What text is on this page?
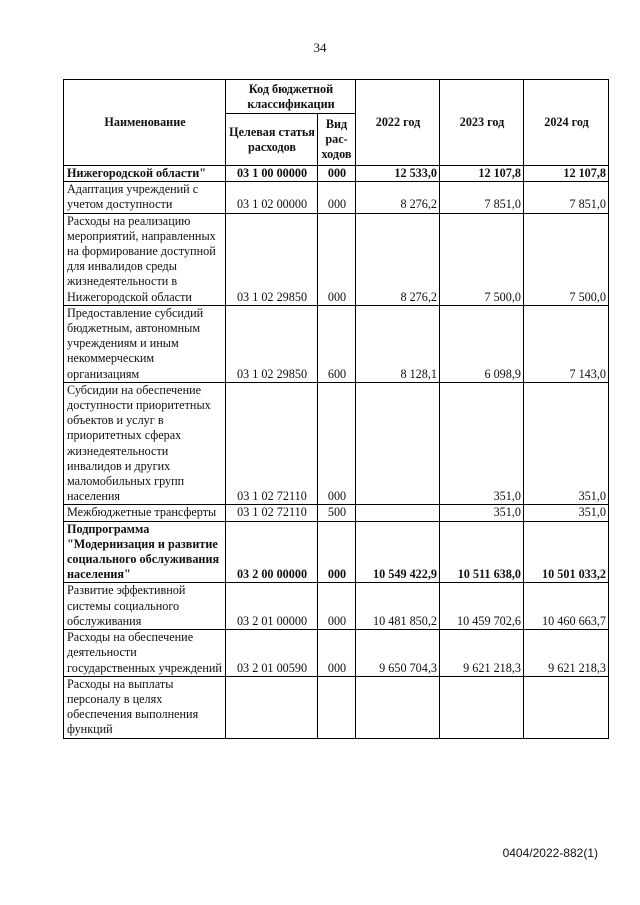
34
Наименование	Код бюджетной классификации		2022 год	2023 год	2024 год
	Целевая статья расходов	Вид рас- ходов			
Нижегородской области"	03 1 00 00000	000	12 533,0	12 107,8	12 107,8
Адаптация учреждений с учетом доступности	03 1 02 00000	000	8 276,2	7 851,0	7 851,0
Расходы на реализацию мероприятий, направленных на формирование доступной для инвалидов среды жизнедеятельности в Нижегородской области	03 1 02 29850	000	8 276,2	7 500,0	7 500,0
Предоставление субсидий бюджетным, автономным учреждениям и иным некоммерческим организациям	03 1 02 29850	600	8 128,1	6 098,9	7 143,0
Субсидии на обеспечение доступности приоритетных объектов и услуг в приоритетных сферах жизнедеятельности инвалидов и других маломобильных групп населения	03 1 02 72110	000		351,0	351,0
Межбюджетные трансферты	03 1 02 72110	500		351,0	351,0
Подпрограмма "Модернизация и развитие социального обслуживания населения"	03 2 00 00000	000	10 549 422,9	10 511 638,0	10 501 033,2
Развитие эффективной системы социального обслуживания	03 2 01 00000	000	10 481 850,2	10 459 702,6	10 460 663,7
Расходы на обеспечение деятельности государственных учреждений	03 2 01 00590	000	9 650 704,3	9 621 218,3	9 621 218,3
Расходы на выплаты персоналу в целях обеспечения выполнения функций					
0404/2022-882(1)
